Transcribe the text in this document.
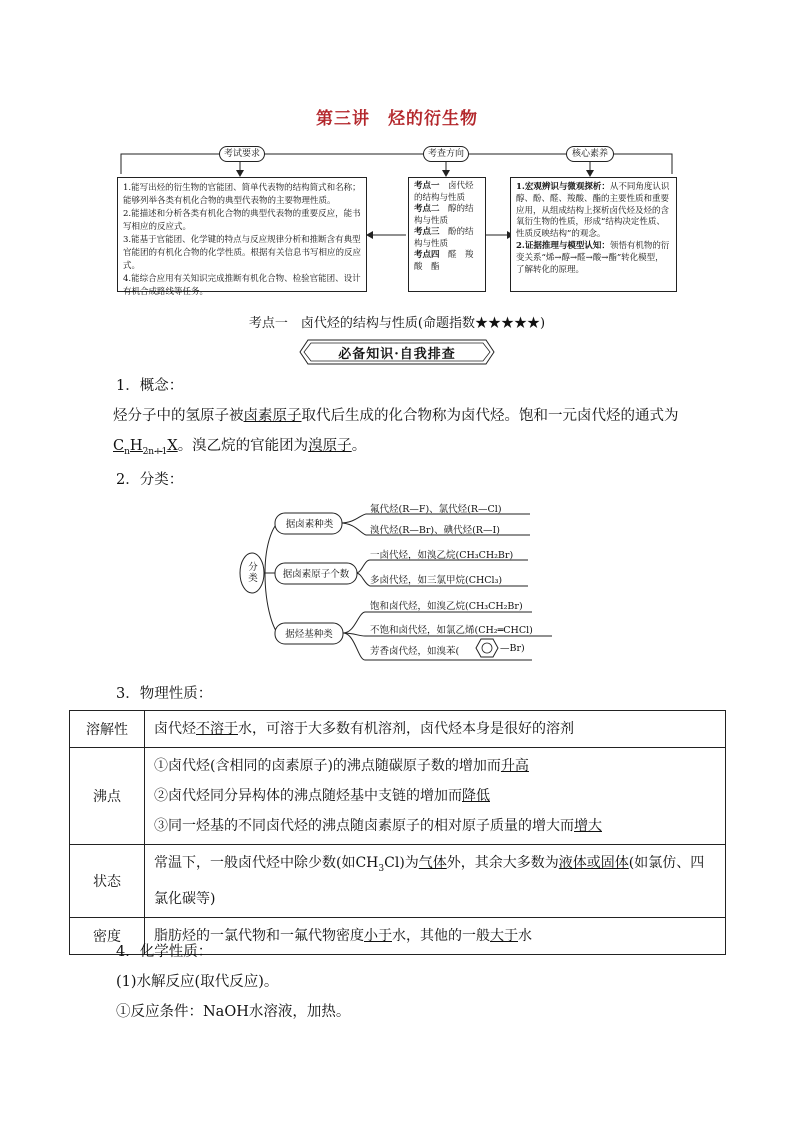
第三讲　烃的衍生物
考试要求	考查方向	核心素养
1.能写出烃的衍生物的官能团、简单代表物的结构简式和名称；能够列举各类有机化合物的典型代表物的主要物理性质。
2.能描述和分析各类有机化合物的典型代表物的重要反应，能书写相应的反应式。
3.能基于官能团、化学键的特点与反应规律分析和推断含有典型官能团的有机化合物的化学性质。根据有关信息书写相应的反应式。
4.能综合应用有关知识完成推断有机化合物、检验官能团、设计有机合成路线等任务。
考点一　 卤代烃的结构与性质
考点二　 醇的结构与性质
考点三　 酚的结构与性质
考点四　 醛　羧酸　酯
1.宏观辨识与微观探析：从不同角度认识醇、酚、醛、羧酸、酯的主要性质和重要应用，从组成结构上探析卤代烃及烃的含氧衍生物的性质，形成“结构决定性质、性质反映结构”的观念。
2.证据推理与模型认知：领悟有机物的衍变关系“烯→醇→醛→酸→酯”转化模型，了解转化的原理。
考点一　卤代烃的结构与性质(命题指数★★★★★)
必备知识·自我排查
1．概念：
烃分子中的氢原子被卤素原子取代后生成的化合物称为卤代烃。饱和一元卤代烃的通式为
$C_nH_{2n+1}X$。溴乙烷的官能团为溴原子。
2．分类：
分类
据卤素种类
据卤素原子个数
据烃基种类
氟代烃(R—F)、氯代烃(R—Cl)
溴代烃(R—Br)、碘代烃(R—I)
一卤代烃，如溴乙烷(CH₃CH₂Br)
多卤代烃，如三氯甲烷(CHCl₃)
饱和卤代烃，如溴乙烷(CH₃CH₂Br)
不饱和卤代烃，如氯乙烯(CH₂═CHCl)
芳香卤代烃，如溴苯(	—Br)
3．物理性质：
溶解性	卤代烃不溶于水，可溶于大多数有机溶剂，卤代烃本身是很好的溶剂
沸点	①卤代烃(含相同的卤素原子)的沸点随碳原子数的增加而升高
②卤代烃同分异构体的沸点随烃基中支链的增加而降低
③同一烃基的不同卤代烃的沸点随卤素原子的相对原子质量的增大而增大

状态	常温下，一般卤代烃中除少数(如$CH_3Cl$)为气体外，其余大多数为液体或固体(如氯仿、四氯化碳等)
密度	脂肪烃的一氯代物和一氟代物密度小于水，其他的一般大于水
4．化学性质：
(1)水解反应(取代反应)。
①反应条件：NaOH水溶液，加热。
